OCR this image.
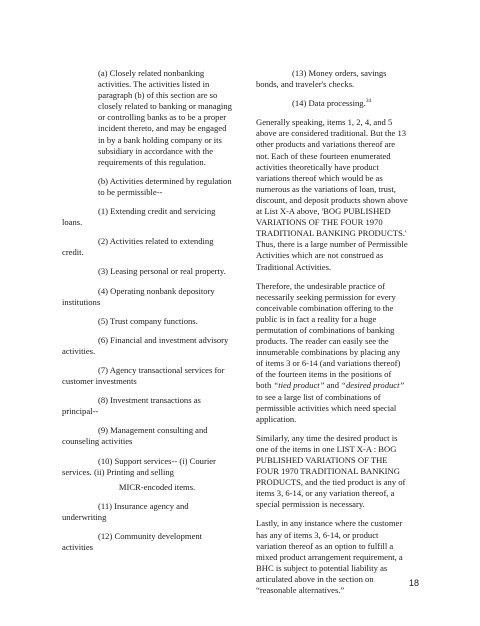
(a) Closely related nonbanking activities. The activities listed in paragraph (b) of this section are so closely related to banking or managing or controlling banks as to be a proper incident thereto, and may be engaged in by a bank holding company or its subsidiary in accordance with the requirements of this regulation.

(b) Activities determined by regulation to be permissible--

(1) Extending credit and servicing loans.

(2) Activities related to extending credit.

(3) Leasing personal or real property.

(4) Operating nonbank depository institutions

(5) Trust company functions.

(6) Financial and investment advisory activities.

(7) Agency transactional services for customer investments

(8) Investment transactions as principal--

(9) Management consulting and counseling activities

(10) Support services-- (i) Courier services. (ii) Printing and selling

MICR-encoded items.

(11) Insurance agency and underwriting

(12) Community development activities

(13) Money orders, savings bonds, and traveler's checks.

(14) Data processing.$^{34}$

Generally speaking, items 1, 2, 4, and 5 above are considered traditional. But the 13 other products and variations thereof are not. Each of these fourteen enumerated activities theoretically have product variations thereof which would be as numerous as the variations of loan, trust, discount, and deposit products shown above at List X-A above, 'BOG PUBLISHED VARIATIONS OF THE FOUR 1970 TRADITIONAL BANKING PRODUCTS.' Thus, there is a large number of Permissible Activities which are not construed as Traditional Activities.

Therefore, the undesirable practice of necessarily seeking permission for every conceivable combination offering to the public is in fact a reality for a huge permutation of combinations of banking products. The reader can easily see the innumerable combinations by placing any of items 3 or 6-14 (and variations thereof) of the fourteen items in the positions of both “tied product” and “desired product” to see a large list of combinations of permissible activities which need special application.

Similarly, any time the desired product is one of the items in one LIST X-A : BOG PUBLISHED VARIATIONS OF THE FOUR 1970 TRADITIONAL BANKING PRODUCTS, and the tied product is any of items 3, 6-14, or any variation thereof, a special permission is necessary.

Lastly, in any instance where the customer has any of items 3, 6-14, or product variation thereof as an option to fulfill a mixed product arrangement requirement, a BHC is subject to potential liability as articulated above in the section on “reasonable alternatives.”

18
